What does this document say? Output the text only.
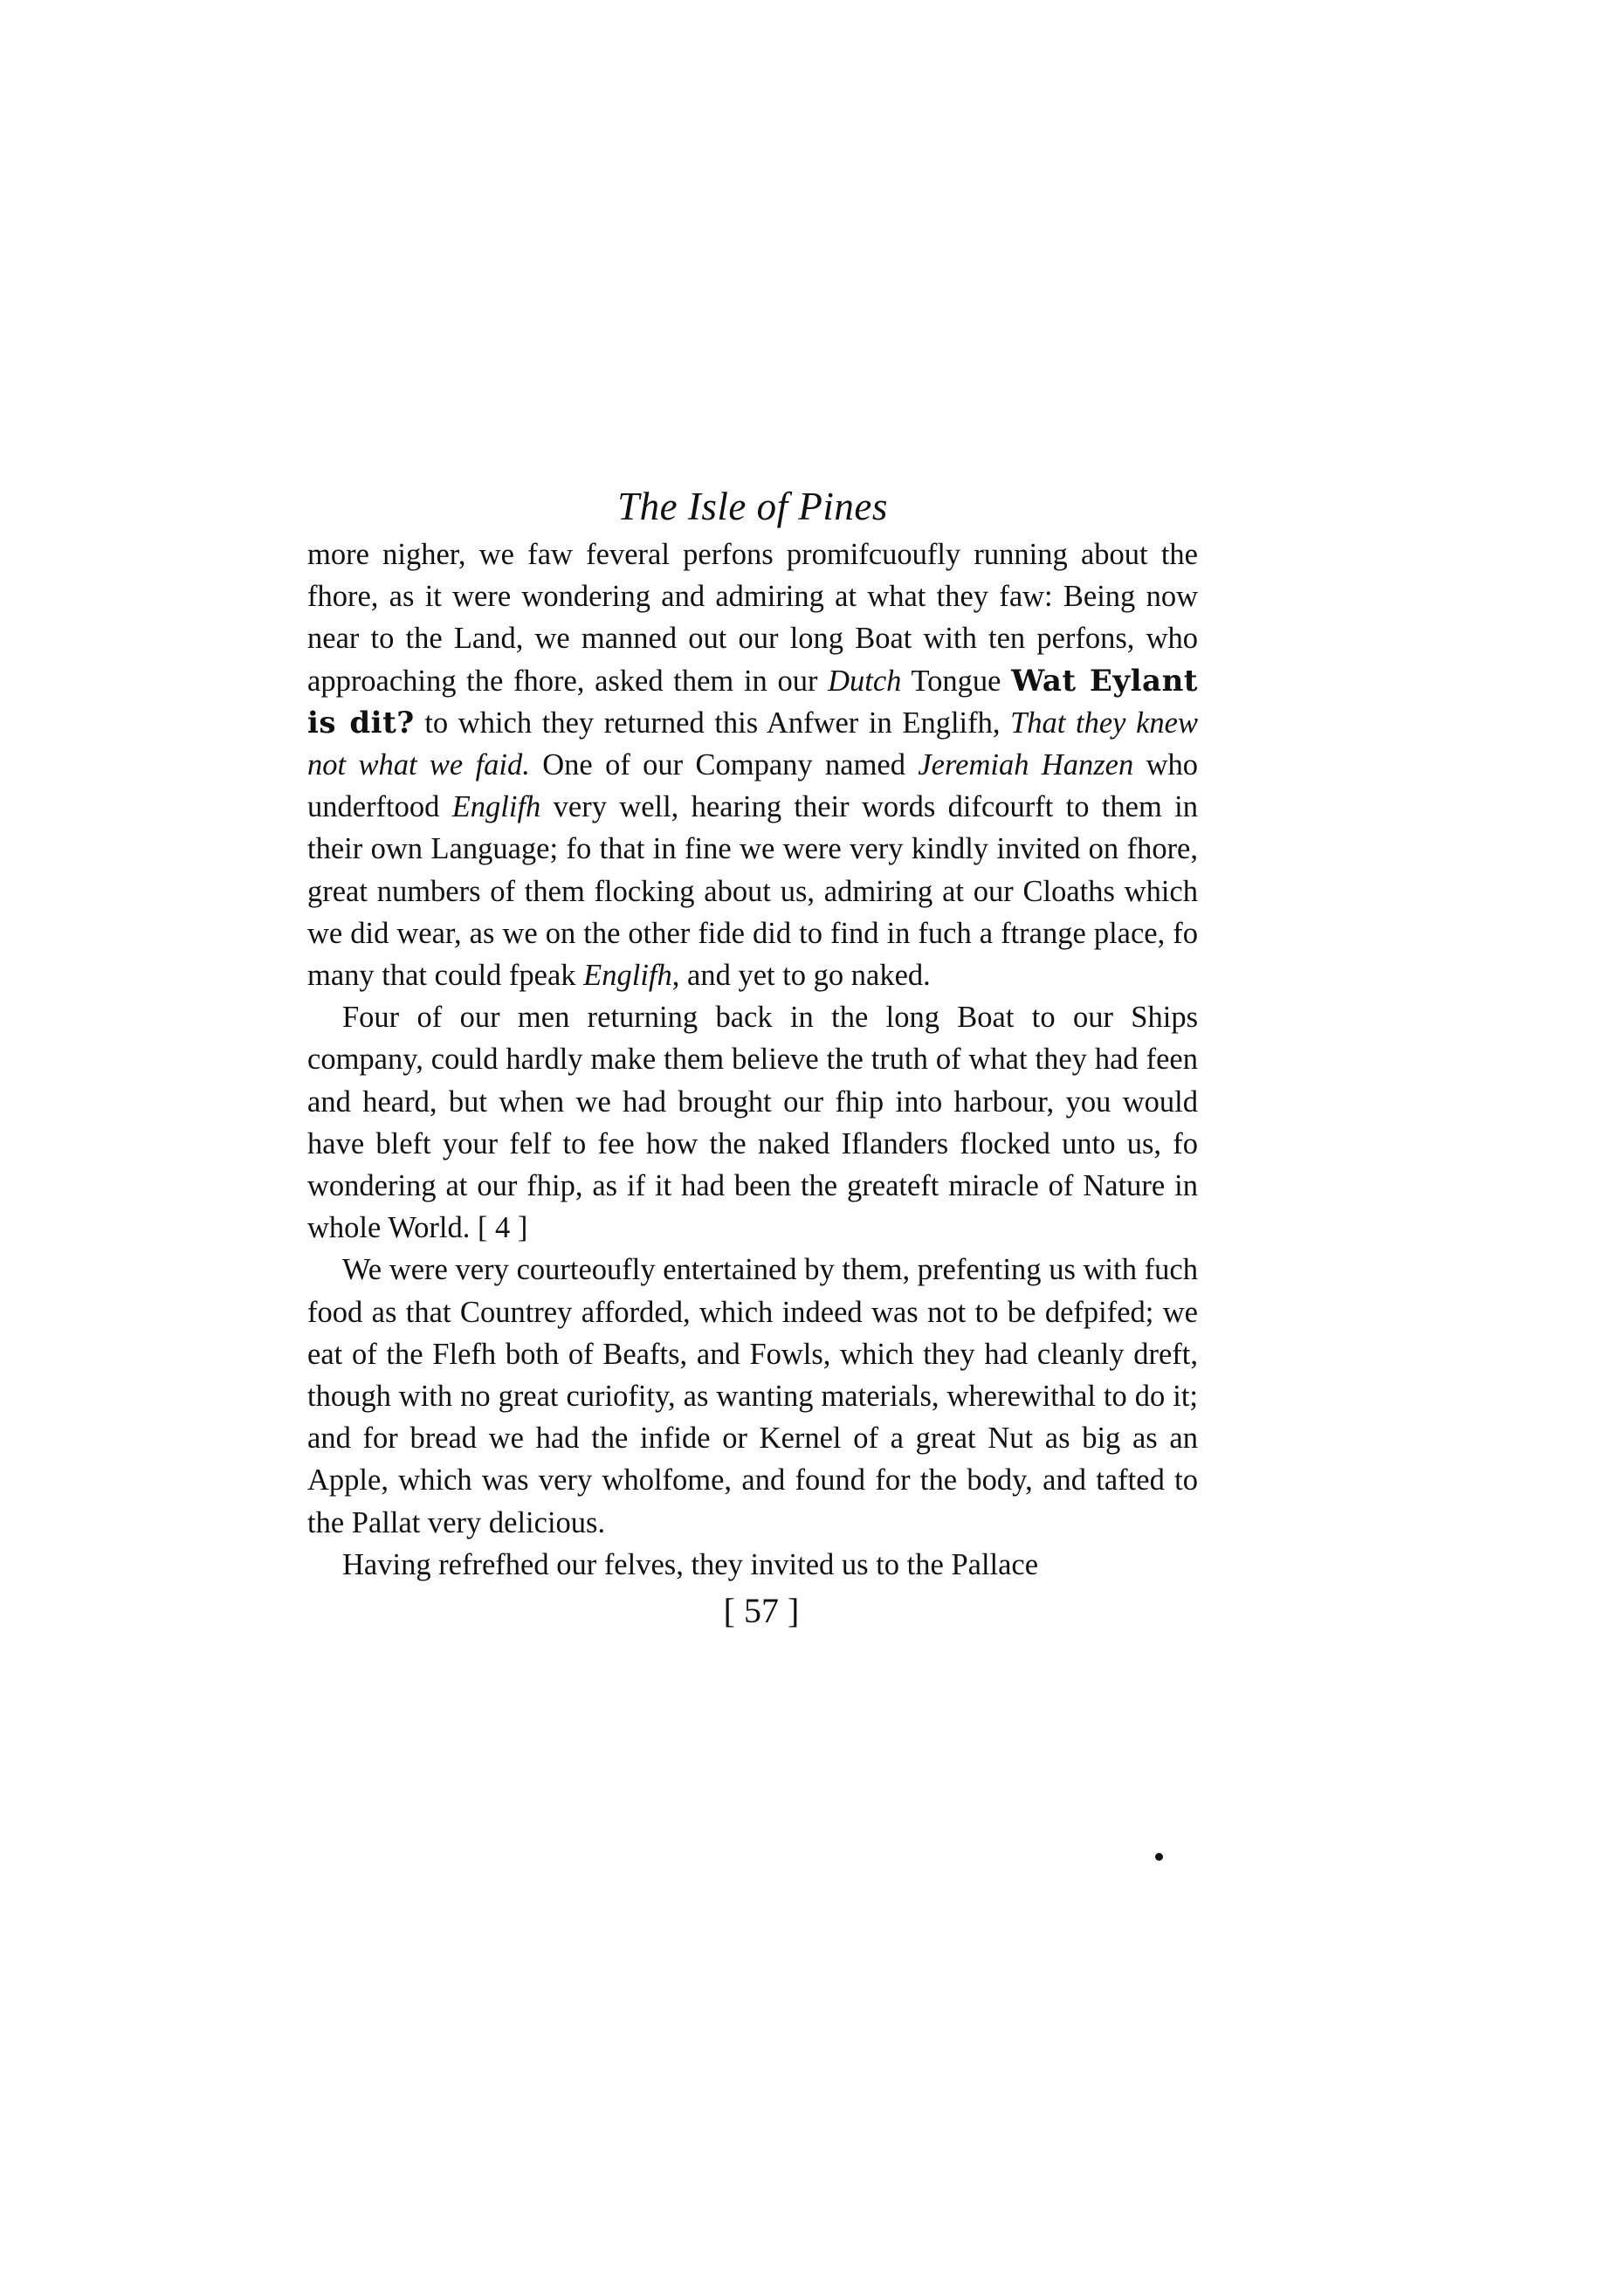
The Isle of Pines

more nigher, we faw feveral perfons promifcuoufly running about the fhore, as it were wondering and admiring at what they faw: Being now near to the Land, we manned out our long Boat with ten perfons, who approaching the fhore, asked them in our Dutch Tongue Wat Eylant is dit? to which they returned this Anfwer in Englifh, That they knew not what we faid. One of our Company named Jeremiah Hanzen who underftood Englifh very well, hearing their words difcourft to them in their own Language; fo that in fine we were very kindly invited on fhore, great numbers of them flocking about us, admiring at our Cloaths which we did wear, as we on the other fide did to find in fuch a ftrange place, fo many that could fpeak Englifh, and yet to go naked.

Four of our men returning back in the long Boat to our Ships company, could hardly make them believe the truth of what they had feen and heard, but when we had brought our fhip into harbour, you would have bleft your felf to fee how the naked Iflanders flocked unto us, fo wondering at our fhip, as if it had been the greateft miracle of Nature in whole World. [ 4 ]

We were very courteoufly entertained by them, prefenting us with fuch food as that Countrey afforded, which indeed was not to be defpifed; we eat of the Flefh both of Beafts, and Fowls, which they had cleanly dreft, though with no great curiofity, as wanting materials, wherewithal to do it; and for bread we had the infide or Kernel of a great Nut as big as an Apple, which was very wholfome, and found for the body, and tafted to the Pallat very delicious.

Having refrefhed our felves, they invited us to the Pallace

[ 57 ]
